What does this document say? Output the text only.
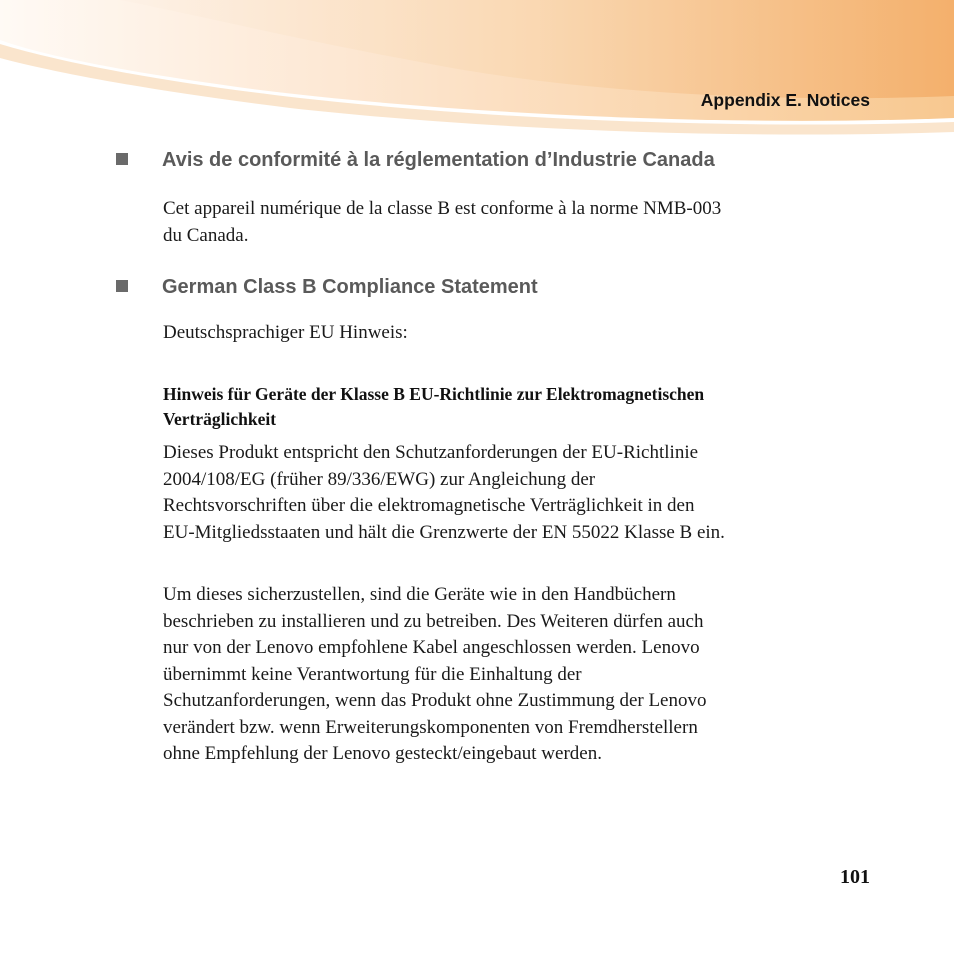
Appendix E. Notices
Avis de conformité à la réglementation d’Industrie Canada

Cet appareil numérique de la classe B est conforme à la norme NMB-003

du Canada.

German Class B Compliance Statement

Deutschsprachiger EU Hinweis:

Hinweis für Geräte der Klasse B EU-Richtlinie zur Elektromagnetischen
Verträglichkeit

Dieses Produkt entspricht den Schutzanforderungen der EU-Richtlinie

2004/108/EG (früher 89/336/EWG) zur Angleichung der

Rechtsvorschriften über die elektromagnetische Verträglichkeit in den

EU-Mitgliedsstaaten und hält die Grenzwerte der EN 55022 Klasse B ein.

Um dieses sicherzustellen, sind die Geräte wie in den Handbüchern

beschrieben zu installieren und zu betreiben. Des Weiteren dürfen auch

nur von der Lenovo empfohlene Kabel angeschlossen werden. Lenovo

übernimmt keine Verantwortung für die Einhaltung der

Schutzanforderungen, wenn das Produkt ohne Zustimmung der Lenovo

verändert bzw. wenn Erweiterungskomponenten von Fremdherstellern

ohne Empfehlung der Lenovo gesteckt/eingebaut werden.

101
